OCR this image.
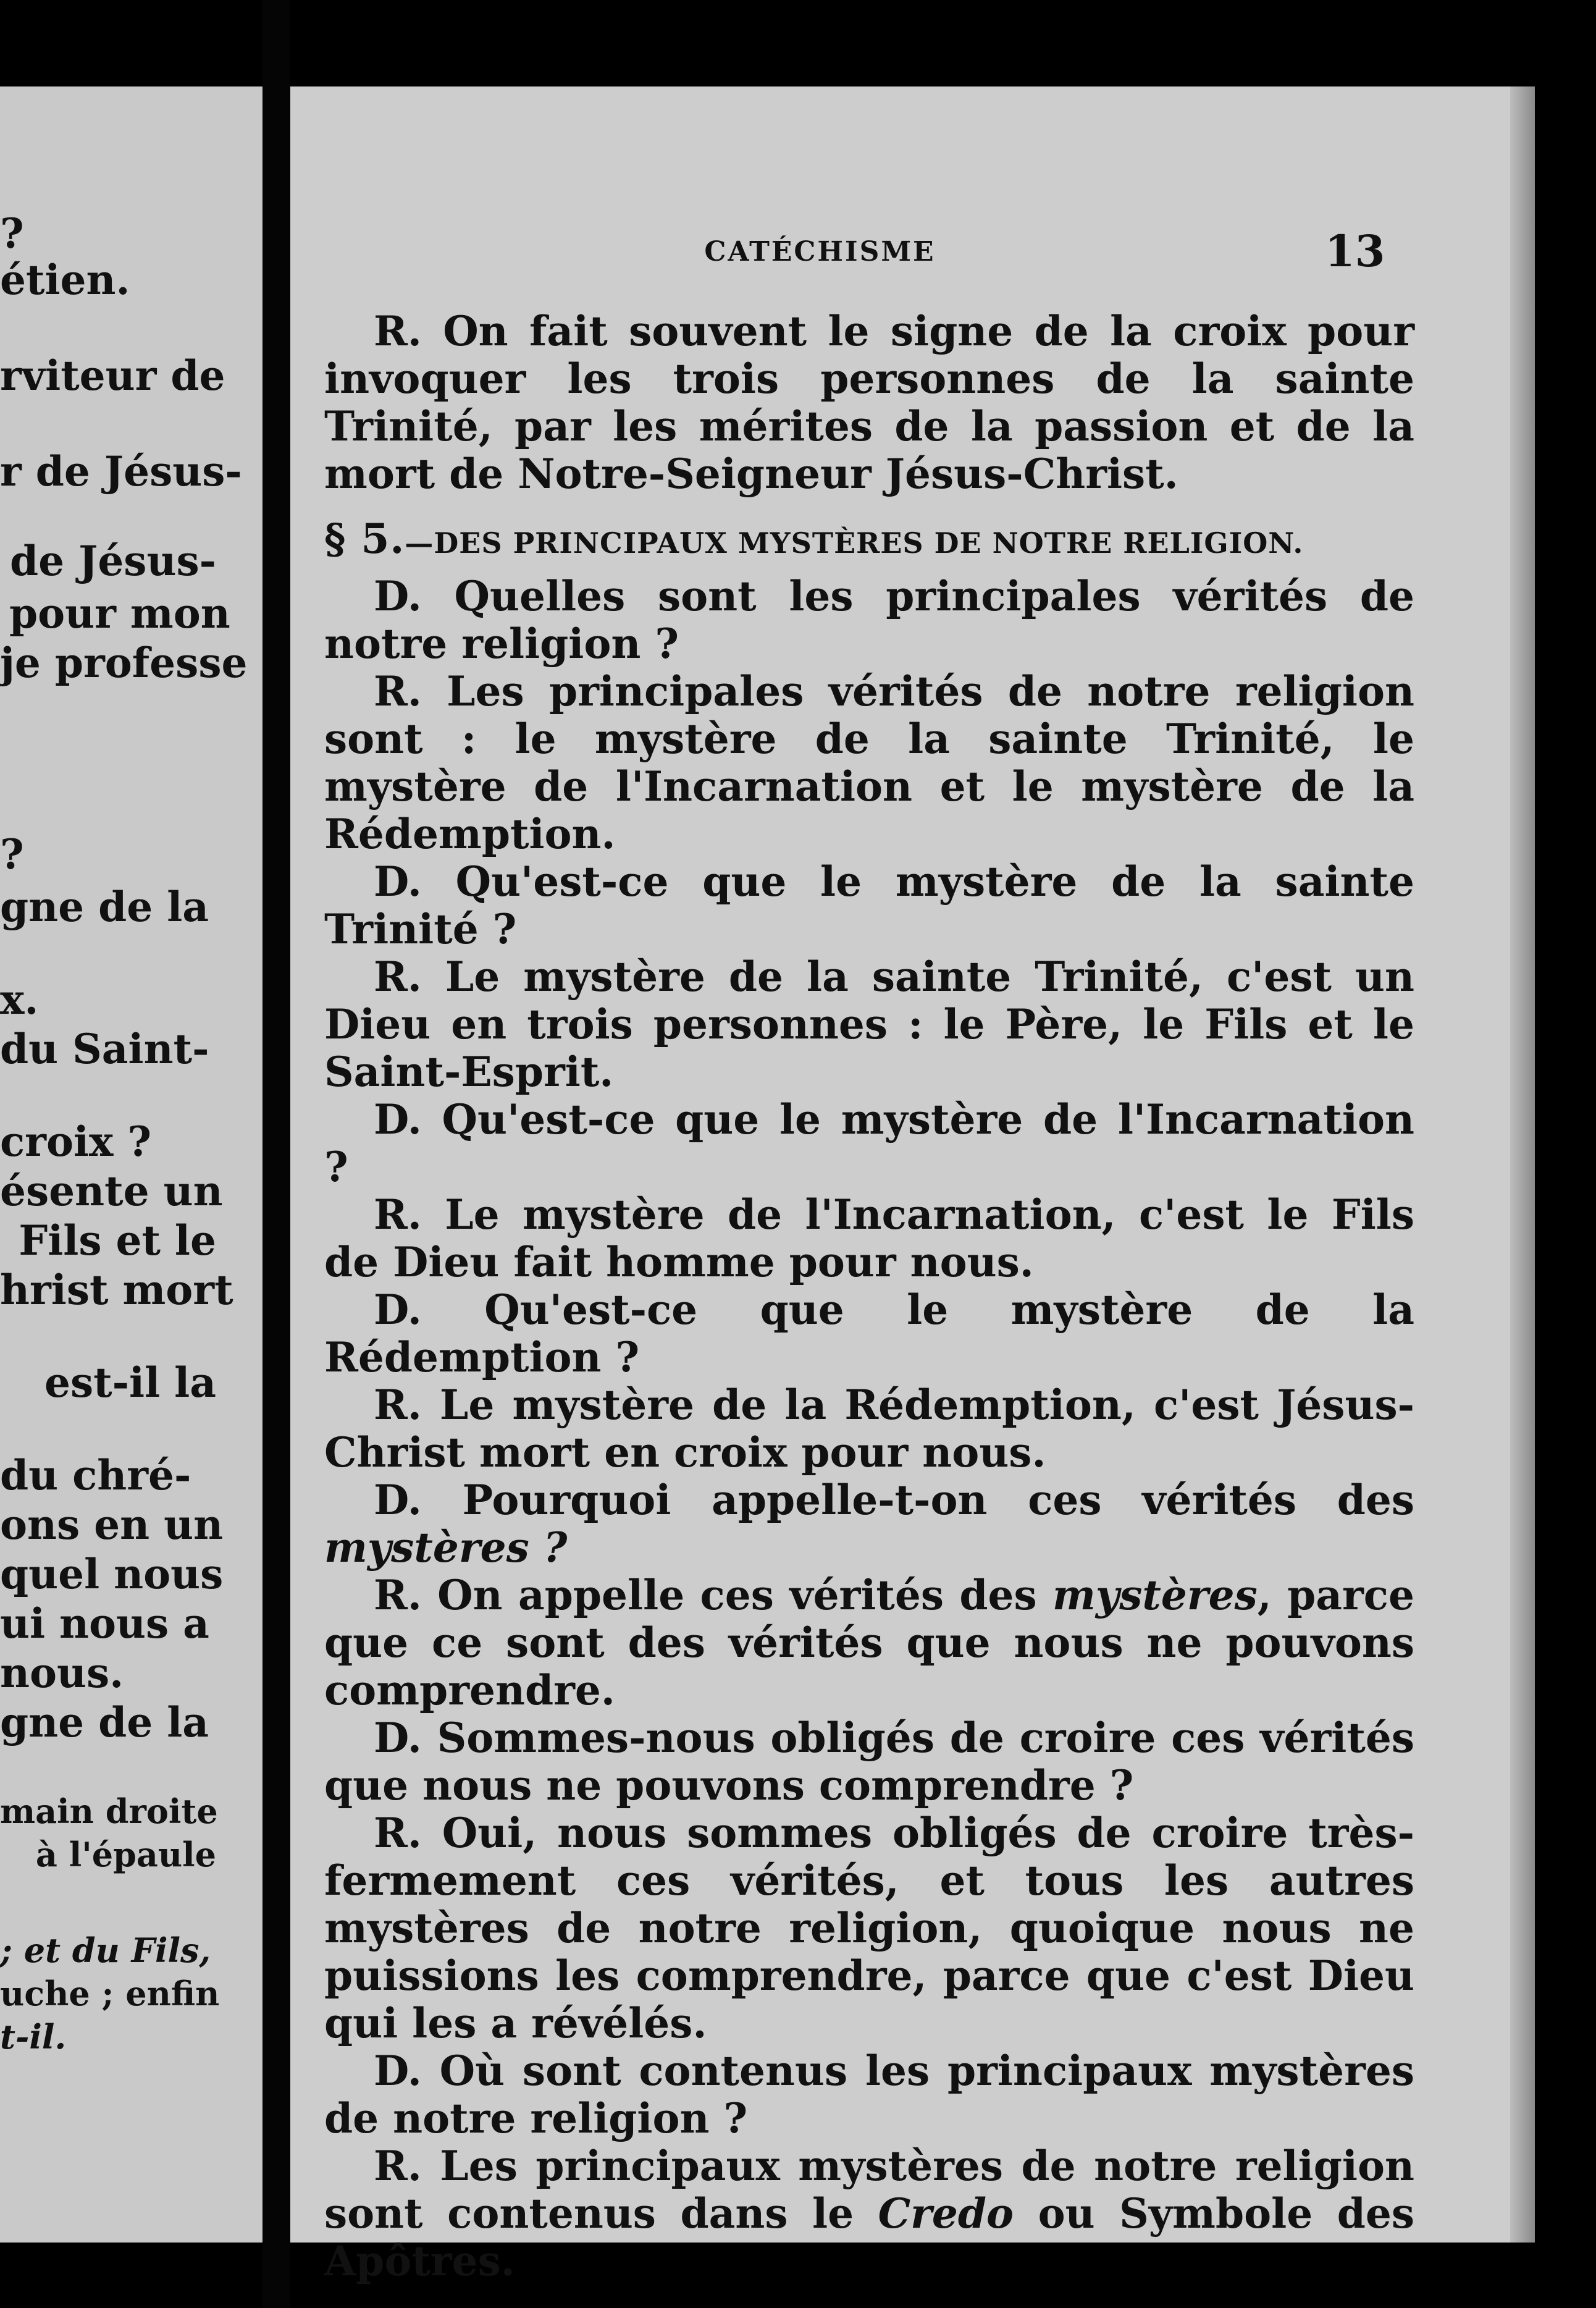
?
étien.
rviteur de
r de Jésus-
de Jésus-
pour mon
je professe
?
gne de la
x.
du Saint-
croix ?
ésente un
Fils et le
hrist mort
est-il la
du chré-
ons en un
quel nous
ui nous a
nous.
gne de la
main droite
à l'épaule
; et du Fils,
uche ; enfin
t-il.
CATÉCHISME	13

R. On fait souvent le signe de la croix pour invoquer les trois personnes de la sainte Trinité, par les mérites de la passion et de la mort de Notre-Seigneur Jésus-Christ.

§ 5.—DES PRINCIPAUX MYSTÈRES DE NOTRE RELIGION.

D. Quelles sont les principales vérités de notre religion ?

R. Les principales vérités de notre religion sont : le mystère de la sainte Trinité, le mystère de l'Incarnation et le mystère de la Rédemption.

D. Qu'est-ce que le mystère de la sainte Trinité ?

R. Le mystère de la sainte Trinité, c'est un Dieu en trois personnes : le Père, le Fils et le Saint-Esprit.

D. Qu'est-ce que le mystère de l'Incarnation ?

R. Le mystère de l'Incarnation, c'est le Fils de Dieu fait homme pour nous.

D. Qu'est-ce que le mystère de la Rédemption ?

R. Le mystère de la Rédemption, c'est Jésus-Christ mort en croix pour nous.

D. Pourquoi appelle-t-on ces vérités des mystères ?

R. On appelle ces vérités des mystères, parce que ce sont des vérités que nous ne pouvons comprendre.

D. Sommes-nous obligés de croire ces vérités que nous ne pouvons comprendre ?

R. Oui, nous sommes obligés de croire très-fermement ces vérités, et tous les autres mystères de notre religion, quoique nous ne puissions les comprendre, parce que c'est Dieu qui les a révélés.

D. Où sont contenus les principaux mystères de notre religion ?

R. Les principaux mystères de notre religion sont contenus dans le Credo ou Symbole des Apôtres.
